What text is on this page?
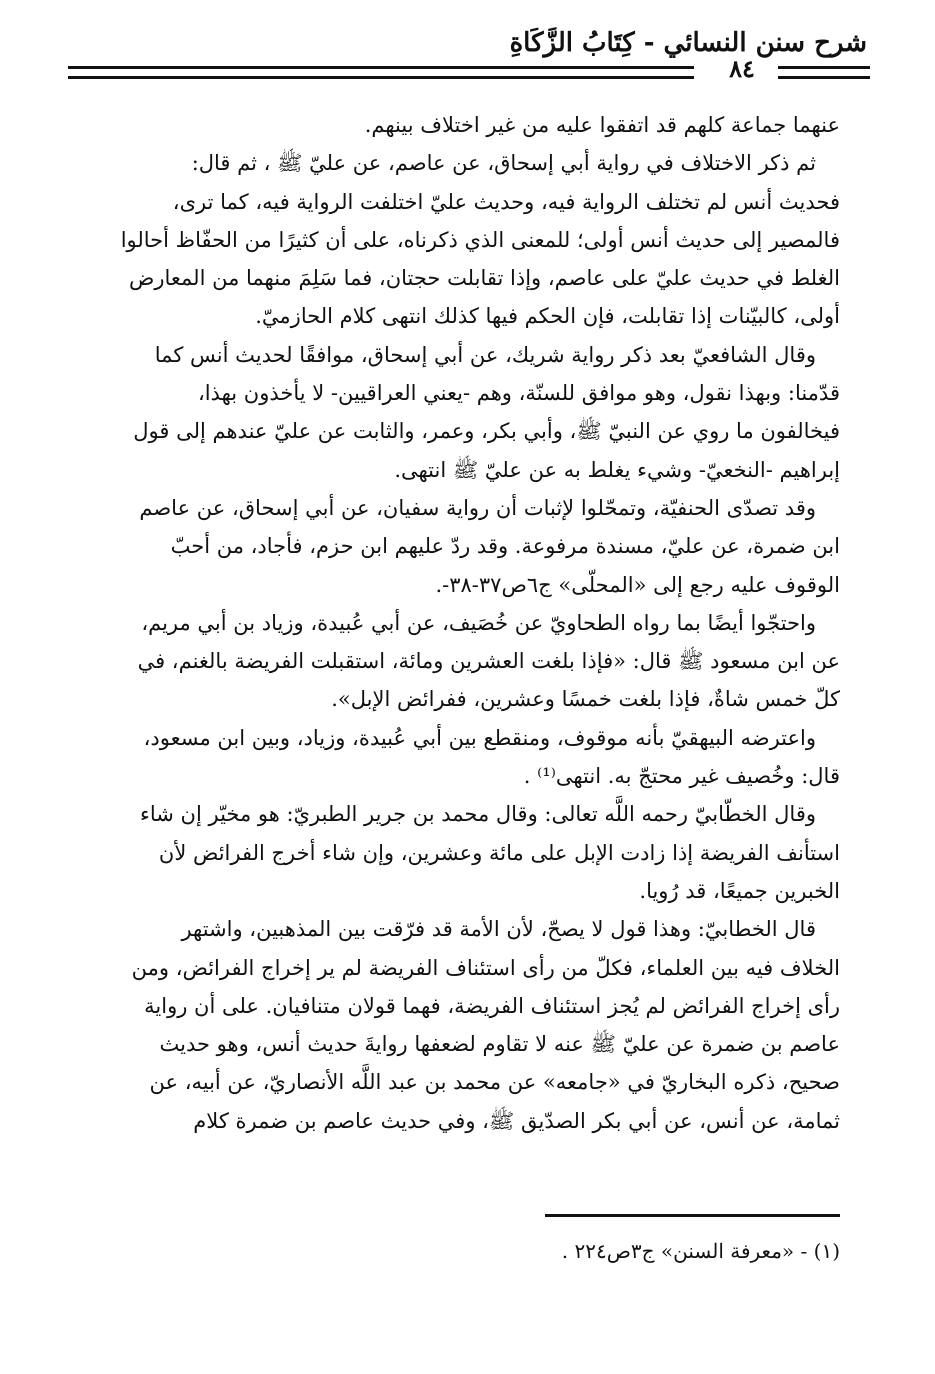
شرح سنن النسائي - كِتَابُ الزَّكَاةِ
٨٤

عنهما جماعة كلهم قد اتفقوا عليه من غير اختلاف بينهم.

ثم ذكر الاختلاف في رواية أبي إسحاق، عن عاصم، عن عليّ ﷺ ، ثم قال:
فحديث أنس لم تختلف الرواية فيه، وحديث عليّ اختلفت الرواية فيه، كما ترى،
فالمصير إلى حديث أنس أولى؛ للمعنى الذي ذكرناه، على أن كثيرًا من الحفّاظ أحالوا
الغلط في حديث عليّ على عاصم، وإذا تقابلت حجتان، فما سَلِمَ منهما من المعارض
أولى، كالبيّنات إذا تقابلت، فإن الحكم فيها كذلك انتهى كلام الحازميّ.

وقال الشافعيّ بعد ذكر رواية شريك، عن أبي إسحاق، موافقًا لحديث أنس كما
قدّمنا: وبهذا نقول، وهو موافق للسنّة، وهم -يعني العراقيين- لا يأخذون بهذا،
فيخالفون ما روي عن النبيّ ﷺ، وأبي بكر، وعمر، والثابت عن عليّ عندهم إلى قول
إبراهيم -النخعيّ- وشيء يغلط به عن عليّ ﷺ انتهى.

وقد تصدّى الحنفيّة، وتمحّلوا لإثبات أن رواية سفيان، عن أبي إسحاق، عن عاصم
ابن ضمرة، عن عليّ، مسندة مرفوعة. وقد ردّ عليهم ابن حزم، فأجاد، من أحبّ
الوقوف عليه رجع إلى «المحلّى» ج٦ص٣٧-٣٨-.

واحتجّوا أيضًا بما رواه الطحاويّ عن خُصَيف، عن أبي عُبيدة، وزياد بن أبي مريم،
عن ابن مسعود ﷺ قال: «فإذا بلغت العشرين ومائة، استقبلت الفريضة بالغنم، في
كلّ خمس شاةٌ، فإذا بلغت خمسًا وعشرين، ففرائض الإبل».

واعترضه البيهقيّ بأنه موقوف، ومنقطع بين أبي عُبيدة، وزياد، وبين ابن مسعود،
قال: وخُصيف غير محتجّ به. انتهى⁽¹⁾ .

وقال الخطّابيّ رحمه اللَّه تعالى: وقال محمد بن جرير الطبريّ: هو مخيّر إن شاء
استأنف الفريضة إذا زادت الإبل على مائة وعشرين، وإن شاء أخرج الفرائض لأن
الخبرين جميعًا، قد رُويا.

قال الخطابيّ: وهذا قول لا يصحّ، لأن الأمة قد فرّقت بين المذهبين، واشتهر
الخلاف فيه بين العلماء، فكلّ من رأى استئناف الفريضة لم ير إخراج الفرائض، ومن
رأى إخراج الفرائض لم يُجز استئناف الفريضة، فهما قولان متنافيان. على أن رواية
عاصم بن ضمرة عن عليّ ﷺ عنه لا تقاوم لضعفها روايةَ حديث أنس، وهو حديث
صحيح، ذكره البخاريّ في «جامعه» عن محمد بن عبد اللَّه الأنصاريّ، عن أبيه، عن
ثمامة، عن أنس، عن أبي بكر الصدّيق ﷺ، وفي حديث عاصم بن ضمرة كلام

(١) - «معرفة السنن» ج٣ص٢٢٤ .
